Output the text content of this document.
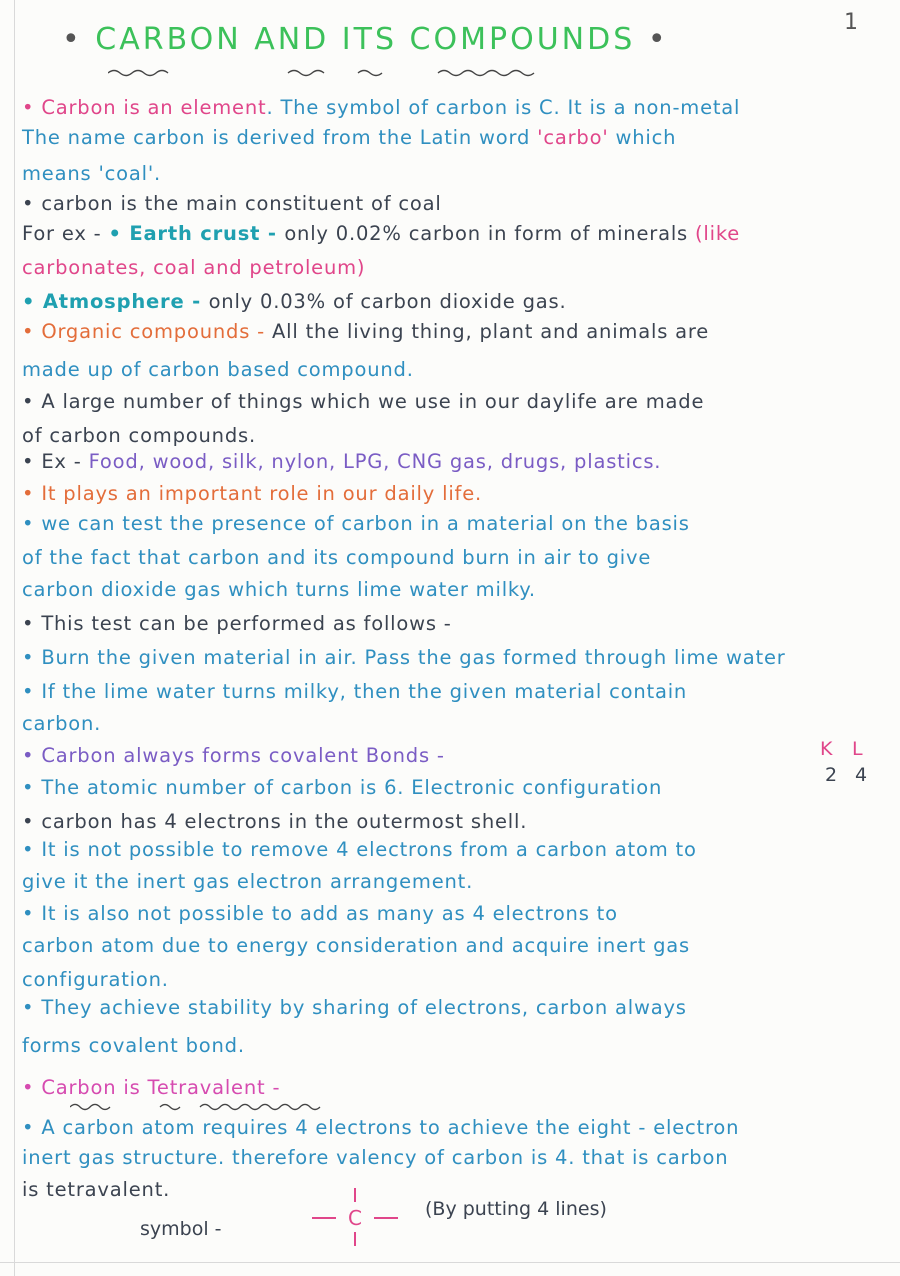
1
• CARBON AND ITS COMPOUNDS •
• Carbon is an element. The symbol of carbon is C. It is a non-metal
The name carbon is derived from the Latin word 'carbo' which
means 'coal'.
• carbon is the main constituent of coal
For ex - • Earth crust - only 0.02% carbon in form of minerals (like
carbonates, coal and petroleum)
• Atmosphere - only 0.03% of carbon dioxide gas.
• Organic compounds - All the living thing, plant and animals are
made up of carbon based compound.
• A large number of things which we use in our daylife are made
of carbon compounds.
• Ex - Food, wood, silk, nylon, LPG, CNG gas, drugs, plastics.
• It plays an important role in our daily life.
• we can test the presence of carbon in a material on the basis
of the fact that carbon and its compound burn in air to give
carbon dioxide gas which turns lime water milky.
• This test can be performed as follows -
• Burn the given material in air. Pass the gas formed through lime water
• If the lime water turns milky, then the given material contain
carbon.
• Carbon always forms covalent Bonds -
• The atomic number of carbon is 6. Electronic configuration
• carbon has 4 electrons in the outermost shell.
• It is not possible to remove 4 electrons from a carbon atom to
give it the inert gas electron arrangement.
• It is also not possible to add as many as 4 electrons to
carbon atom due to energy consideration and acquire inert gas
configuration.
• They achieve stability by sharing of electrons, carbon always
forms covalent bond.
• Carbon is Tetravalent -
• A carbon atom requires 4 electrons to achieve the eight - electron
inert gas structure. therefore valency of carbon is 4. that is carbon
is tetravalent.
K L
2 4
symbol -	C	(By putting 4 lines)
